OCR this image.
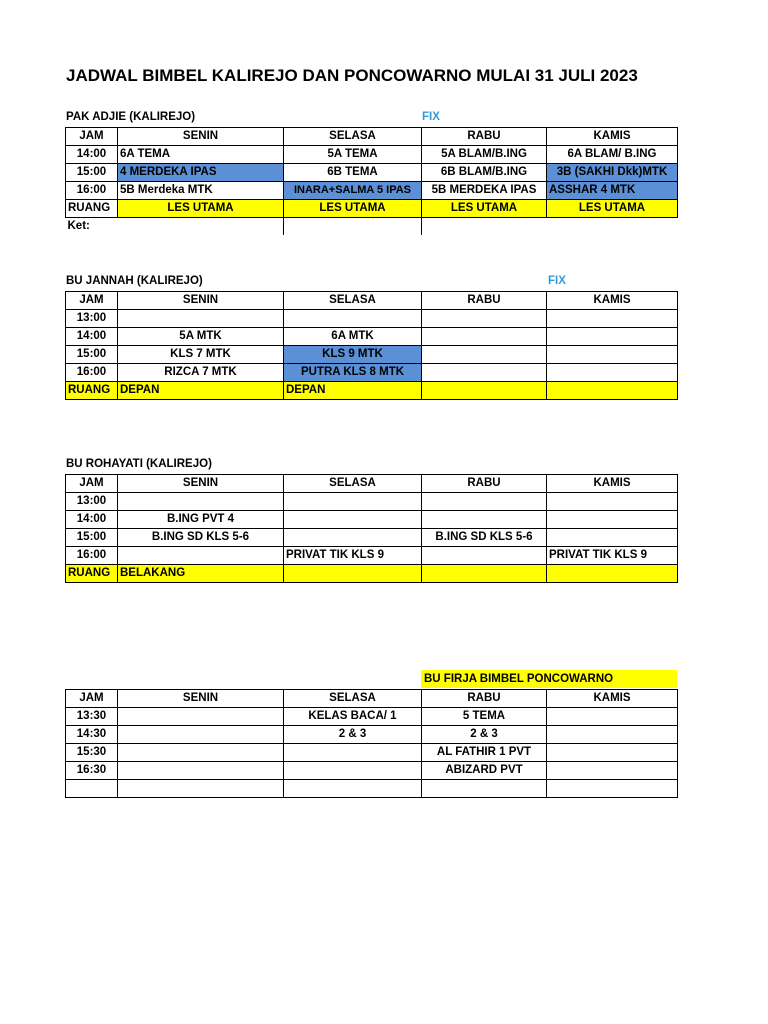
JADWAL BIMBEL KALIREJO DAN PONCOWARNO MULAI 31 JULI 2023
PAK ADJIE (KALIREJO)	FIX
JAM	SENIN	SELASA	RABU	KAMIS
14:00	6A TEMA	5A TEMA	5A BLAM/B.ING	6A BLAM/ B.ING
15:00	4 MERDEKA IPAS	6B TEMA	6B BLAM/B.ING	3B (SAKHI Dkk)MTK
16:00	5B Merdeka MTK	INARA+SALMA 5 IPAS	5B MERDEKA IPAS	ASSHAR 4 MTK
RUANG	LES UTAMA	LES UTAMA	LES UTAMA	LES UTAMA
Ket:				
BU JANNAH (KALIREJO)	FIX
JAM	SENIN	SELASA	RABU	KAMIS
13:00				
14:00	5A MTK	6A MTK		
15:00	KLS 7 MTK	KLS 9 MTK		
16:00	RIZCA 7 MTK	PUTRA KLS 8 MTK		
RUANG	DEPAN	DEPAN		
BU ROHAYATI (KALIREJO)
JAM	SENIN	SELASA	RABU	KAMIS
13:00				
14:00	B.ING PVT 4			
15:00	B.ING SD KLS 5-6		B.ING SD KLS 5-6	
16:00		PRIVAT TIK KLS 9		PRIVAT TIK KLS 9
RUANG	BELAKANG			
BU FIRJA BIMBEL PONCOWARNO
JAM	SENIN	SELASA	RABU	KAMIS
13:30		KELAS BACA/ 1	5 TEMA	
14:30		2 & 3	2 & 3	
15:30			AL FATHIR 1 PVT	
16:30			ABIZARD PVT	
